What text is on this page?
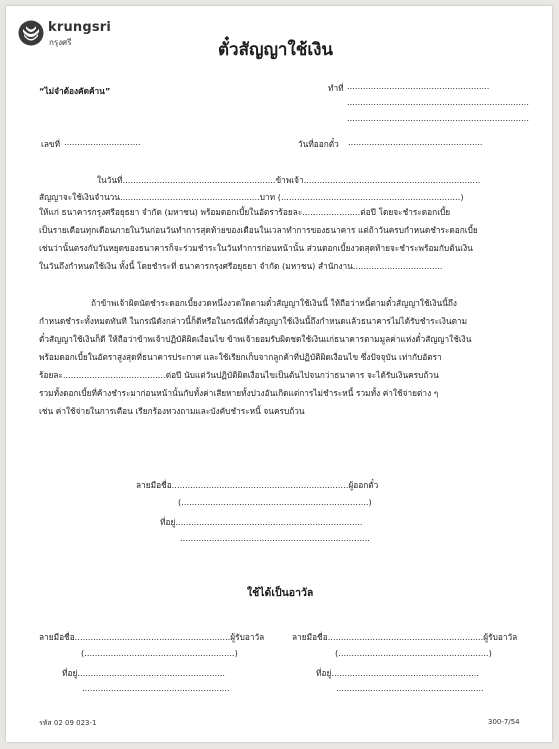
krungsri
กรุงศรี	ตั๋วสัญญาใช้เงิน
“ไม่จำต้องคัดค้าน”	ทำที่ ......................................................
.....................................................................
.....................................................................
เลขที่ .............................	วันที่ออกตั๋ว ...................................................
ในวันที่..........................................................ข้าพเจ้า...................................................................
สัญญาจะใช้เงินจำนวน.....................................................บาท (....................................................................)
ให้แก่ ธนาคารกรุงศรีอยุธยา จำกัด (มหาชน) พร้อมดอกเบี้ยในอัตราร้อยละ......................ต่อปี โดยจะชำระดอกเบี้ย
เป็นรายเดือนทุกเดือนภายในวันก่อนวันทำการสุดท้ายของเดือนในเวลาทำการของธนาคาร แต่ถ้าวันครบกำหนดชำระดอกเบี้ย
เช่นว่านั้นตรงกับวันหยุดของธนาคารก็จะร่วมชำระในวันทำการก่อนหน้านั้น ส่วนดอกเบี้ยงวดสุดท้ายจะชำระพร้อมกับต้นเงิน
ในวันถึงกำหนดใช้เงิน ทั้งนี้ โดยชำระที่ ธนาคารกรุงศรีอยุธยา จำกัด (มหาชน) สำนักงาน..................................
ถ้าข้าพเจ้าผิดนัดชำระดอกเบี้ยงวดหนึ่งงวดใดตามตั๋วสัญญาใช้เงินนี้ ให้ถือว่าหนี้ตามตั๋วสัญญาใช้เงินนี้ถึง
กำหนดชำระทั้งหมดทันที ในกรณีดังกล่าวนี้ก็ดีหรือในกรณีที่ตั๋วสัญญาใช้เงินนี้ถึงกำหนดแล้วธนาคารไม่ได้รับชำระเงินตาม
ตั๋วสัญญาใช้เงินก็ดี ให้ถือว่าข้าพเจ้าปฏิบัติผิดเงื่อนไข ข้าพเจ้ายอมรับผิดชดใช้เงินแก่ธนาคารตามมูลค่าแห่งตั๋วสัญญาใช้เงิน
พร้อมดอกเบี้ยในอัตราสูงสุดที่ธนาคารประกาศ และใช้เรียกเก็บจากลูกค้าที่ปฏิบัติผิดเงื่อนไข ซึ่งปัจจุบัน เท่ากับอัตรา
ร้อยละ.......................................ต่อปี นับแต่วันปฏิบัติผิดเงื่อนไขเป็นต้นไปจนกว่าธนาคาร จะได้รับเงินครบถ้วน
รวมทั้งดอกเบี้ยที่ค้างชำระมาก่อนหน้านั้นกับทั้งค่าเสียหายทั้งปวงอันเกิดแต่การไม่ชำระหนี้ รวมทั้ง ค่าใช้จ่ายต่าง ๆ
เช่น ค่าใช้จ่ายในการเตือน เรียกร้องทวงถามและบังคับชำระหนี้ จนครบถ้วน
ลายมือชื่อ...................................................................ผู้ออกตั๋ว
(.......................................................................)
ที่อยู่.......................................................................
........................................................................
ใช้ได้เป็นอาวัล
ลายมือชื่อ...........................................................ผู้รับอาวัล
(.........................................................)
ที่อยู่........................................................
........................................................
ลายมือชื่อ...........................................................ผู้รับอาวัล
(.........................................................)
ที่อยู่........................................................
........................................................
รหัส 02 09 023-1	300-7/54
